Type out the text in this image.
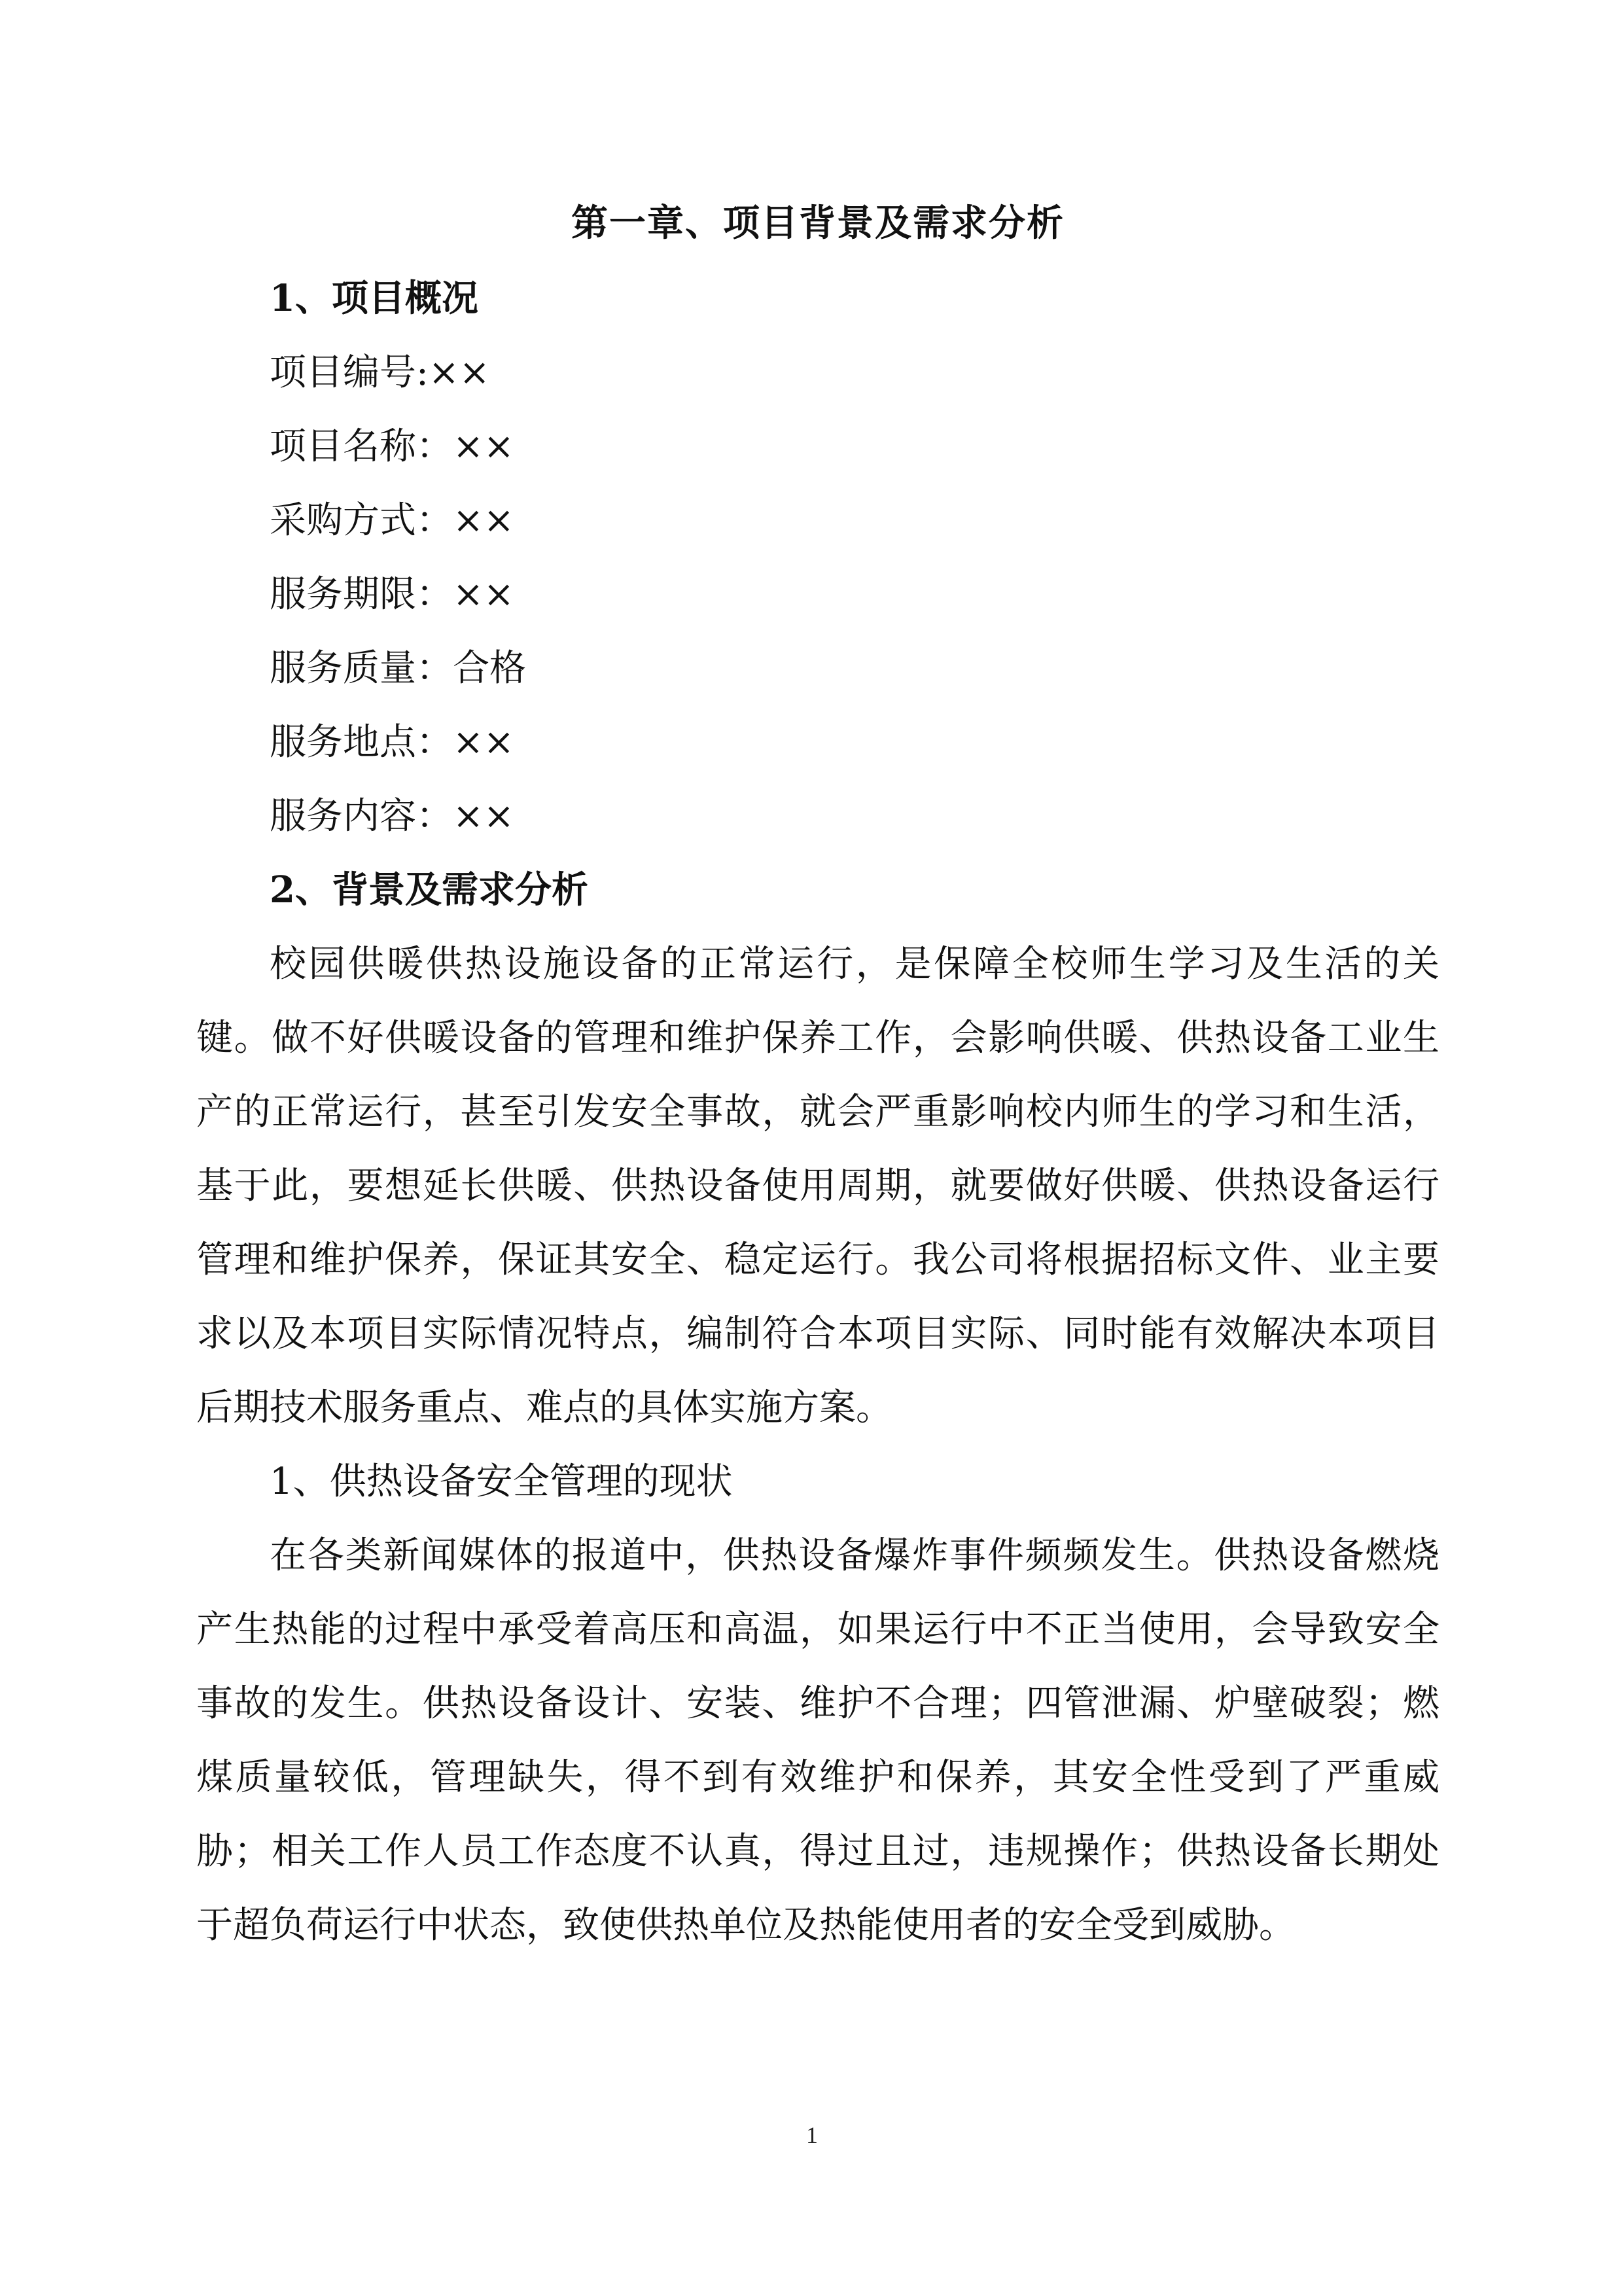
第一章、项目背景及需求分析

1、项目概况

项目编号:××

项目名称：××

采购方式：××

服务期限：××

服务质量：合格

服务地点：××

服务内容：××

2、背景及需求分析

校园供暖供热设施设备的正常运行，是保障全校师生学习及生活的关键。做不好供暖设备的管理和维护保养工作，会影响供暖、供热设备工业生产的正常运行，甚至引发安全事故，就会严重影响校内师生的学习和生活，基于此，要想延长供暖、供热设备使用周期，就要做好供暖、供热设备运行管理和维护保养，保证其安全、稳定运行。我公司将根据招标文件、业主要求以及本项目实际情况特点，编制符合本项目实际、同时能有效解决本项目后期技术服务重点、难点的具体实施方案。

1、供热设备安全管理的现状

在各类新闻媒体的报道中，供热设备爆炸事件频频发生。供热设备燃烧产生热能的过程中承受着高压和高温，如果运行中不正当使用，会导致安全事故的发生。供热设备设计、安装、维护不合理；四管泄漏、炉壁破裂；燃煤质量较低，管理缺失，得不到有效维护和保养，其安全性受到了严重威胁；相关工作人员工作态度不认真，得过且过，违规操作；供热设备长期处于超负荷运行中状态，致使供热单位及热能使用者的安全受到威胁。

1
